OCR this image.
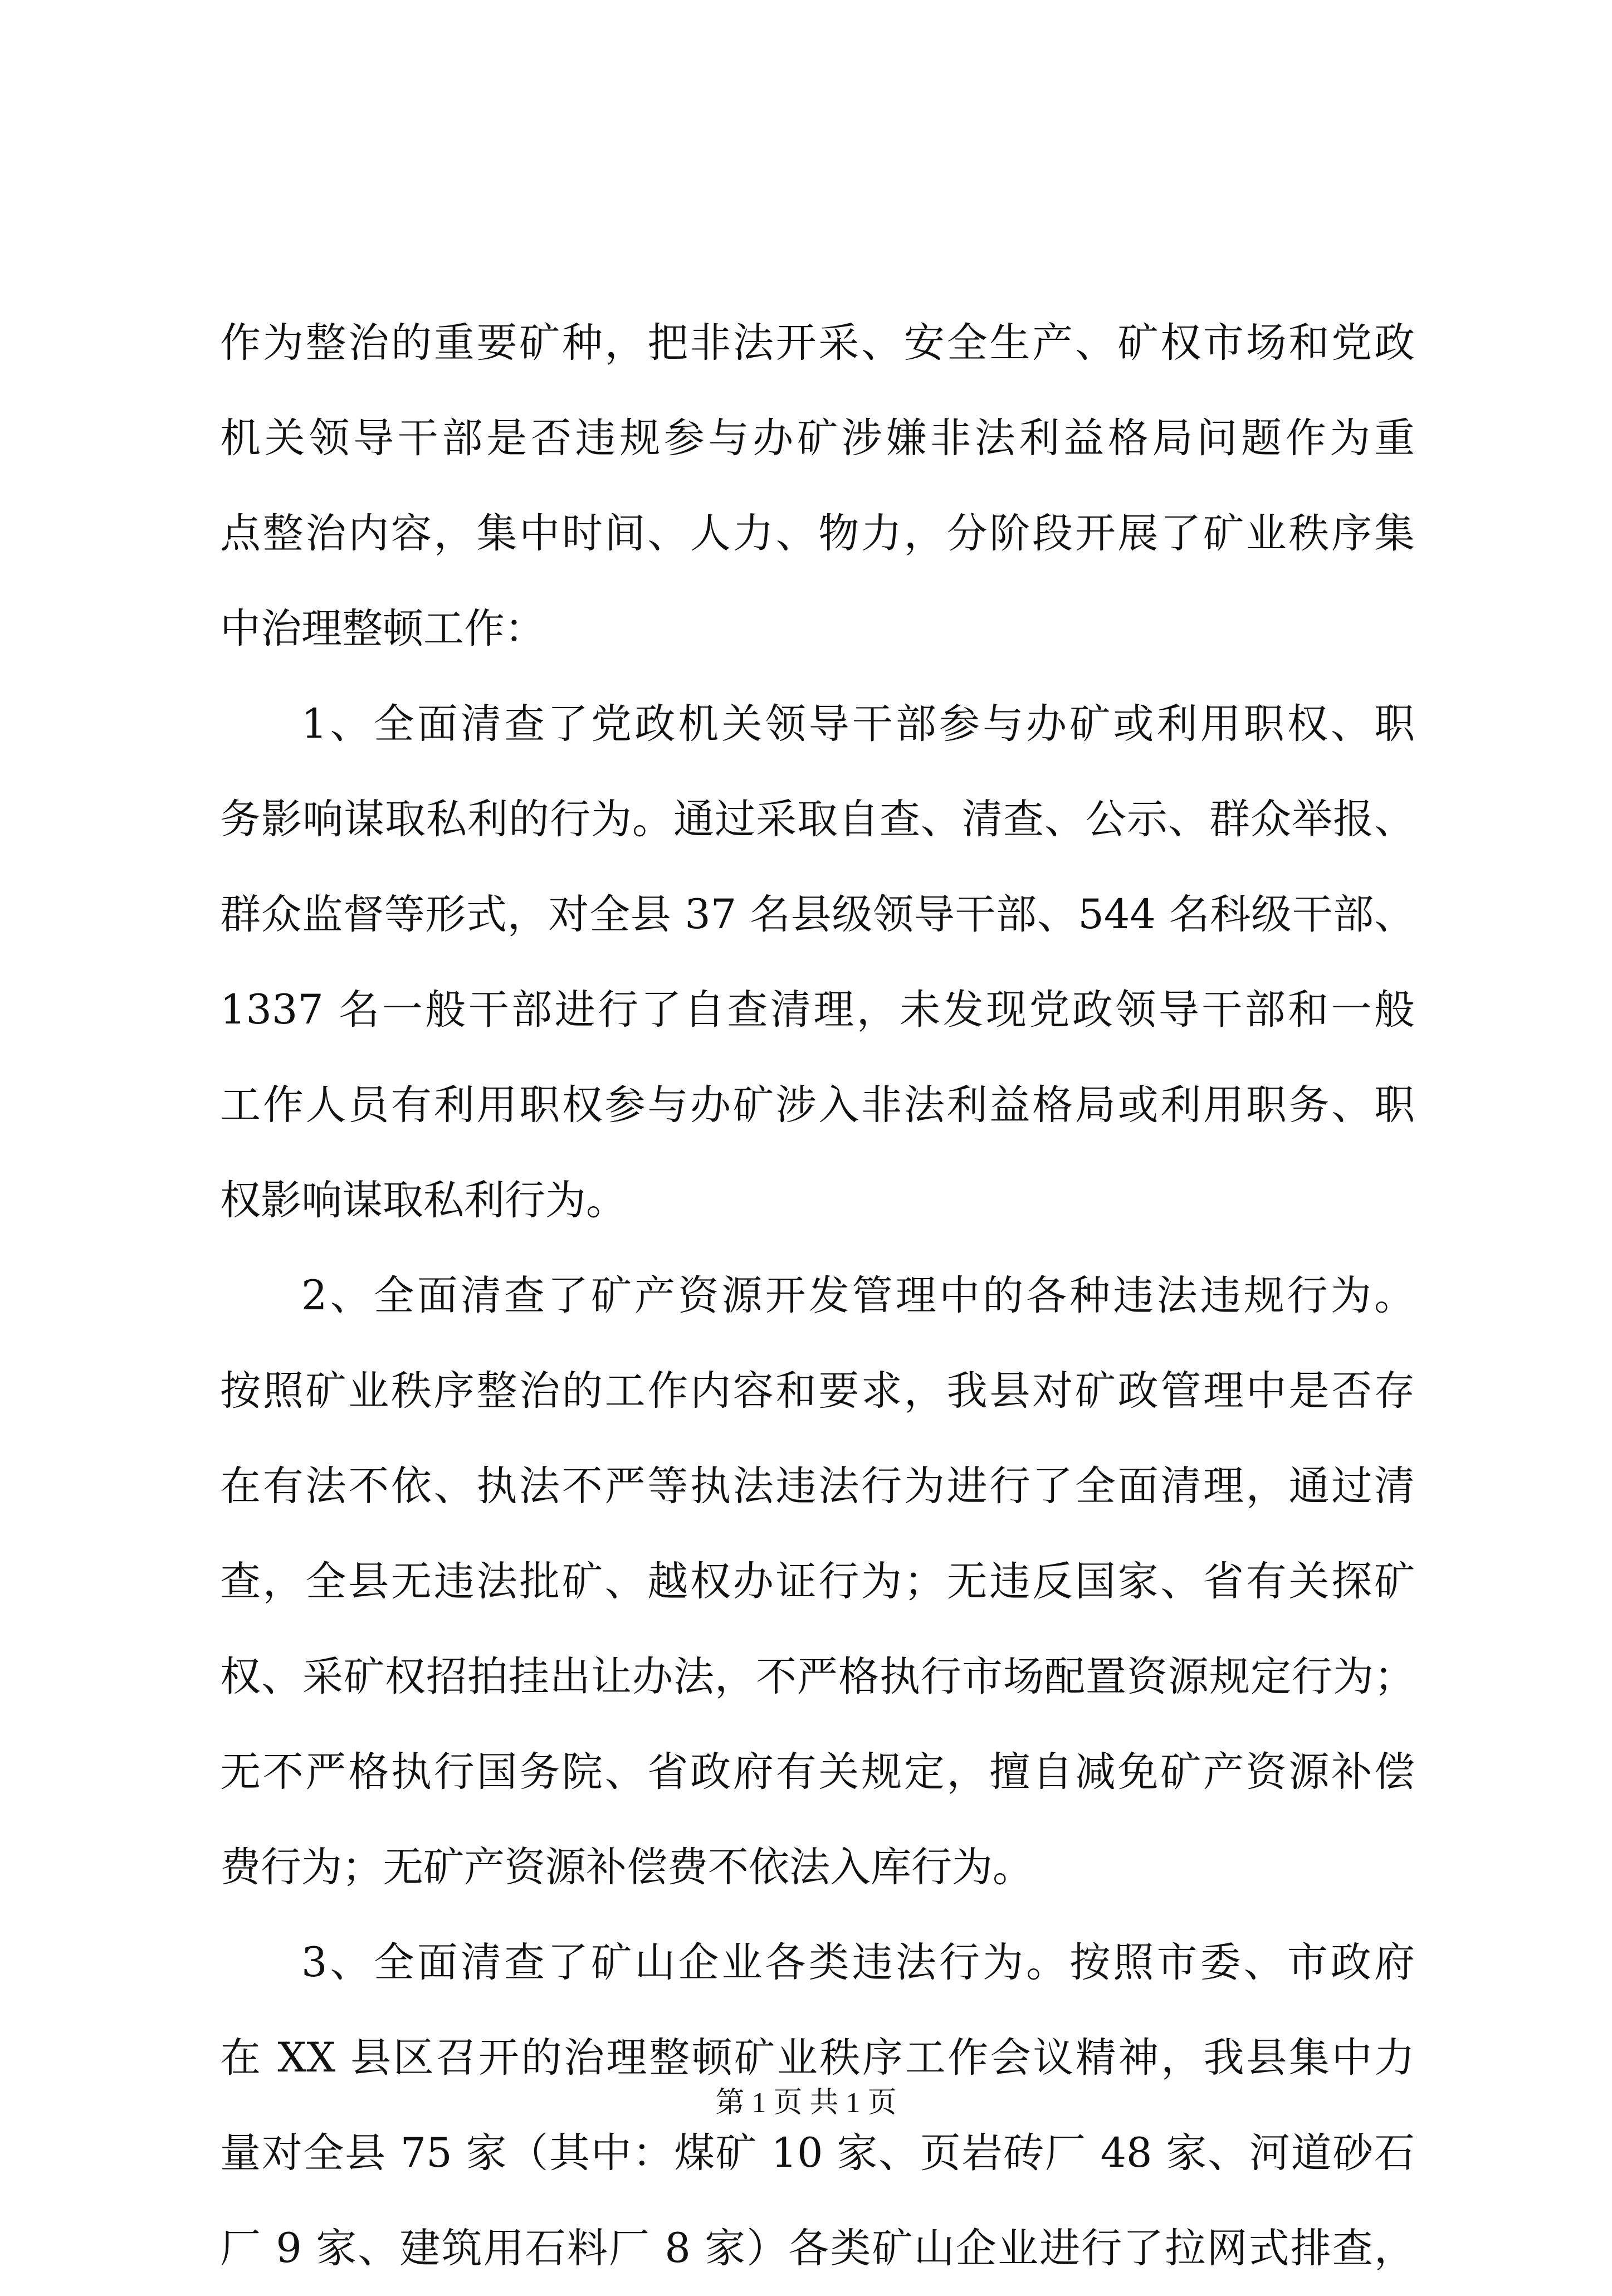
作为整治的重要矿种，把非法开采、安全生产、矿权市场和党政
机关领导干部是否违规参与办矿涉嫌非法利益格局问题作为重
点整治内容，集中时间、人力、物力，分阶段开展了矿业秩序集
中治理整顿工作：
1、全面清查了党政机关领导干部参与办矿或利用职权、职
务影响谋取私利的行为。通过采取自查、清查、公示、群众举报、
群众监督等形式，对全县 37 名县级领导干部、544 名科级干部、
1337 名一般干部进行了自查清理，未发现党政领导干部和一般
工作人员有利用职权参与办矿涉入非法利益格局或利用职务、职
权影响谋取私利行为。
2、全面清查了矿产资源开发管理中的各种违法违规行为。
按照矿业秩序整治的工作内容和要求，我县对矿政管理中是否存
在有法不依、执法不严等执法违法行为进行了全面清理，通过清
查，全县无违法批矿、越权办证行为；无违反国家、省有关探矿
权、采矿权招拍挂出让办法，不严格执行市场配置资源规定行为；
无不严格执行国务院、省政府有关规定，擅自减免矿产资源补偿
费行为；无矿产资源补偿费不依法入库行为。
3、全面清查了矿山企业各类违法行为。按照市委、市政府
在 XX 县区召开的治理整顿矿业秩序工作会议精神，我县集中力
量对全县 75 家（其中：煤矿 10 家、页岩砖厂 48 家、河道砂石
厂 9 家、建筑用石料厂 8 家）各类矿山企业进行了拉网式排查，
第 1 页 共 1 页
